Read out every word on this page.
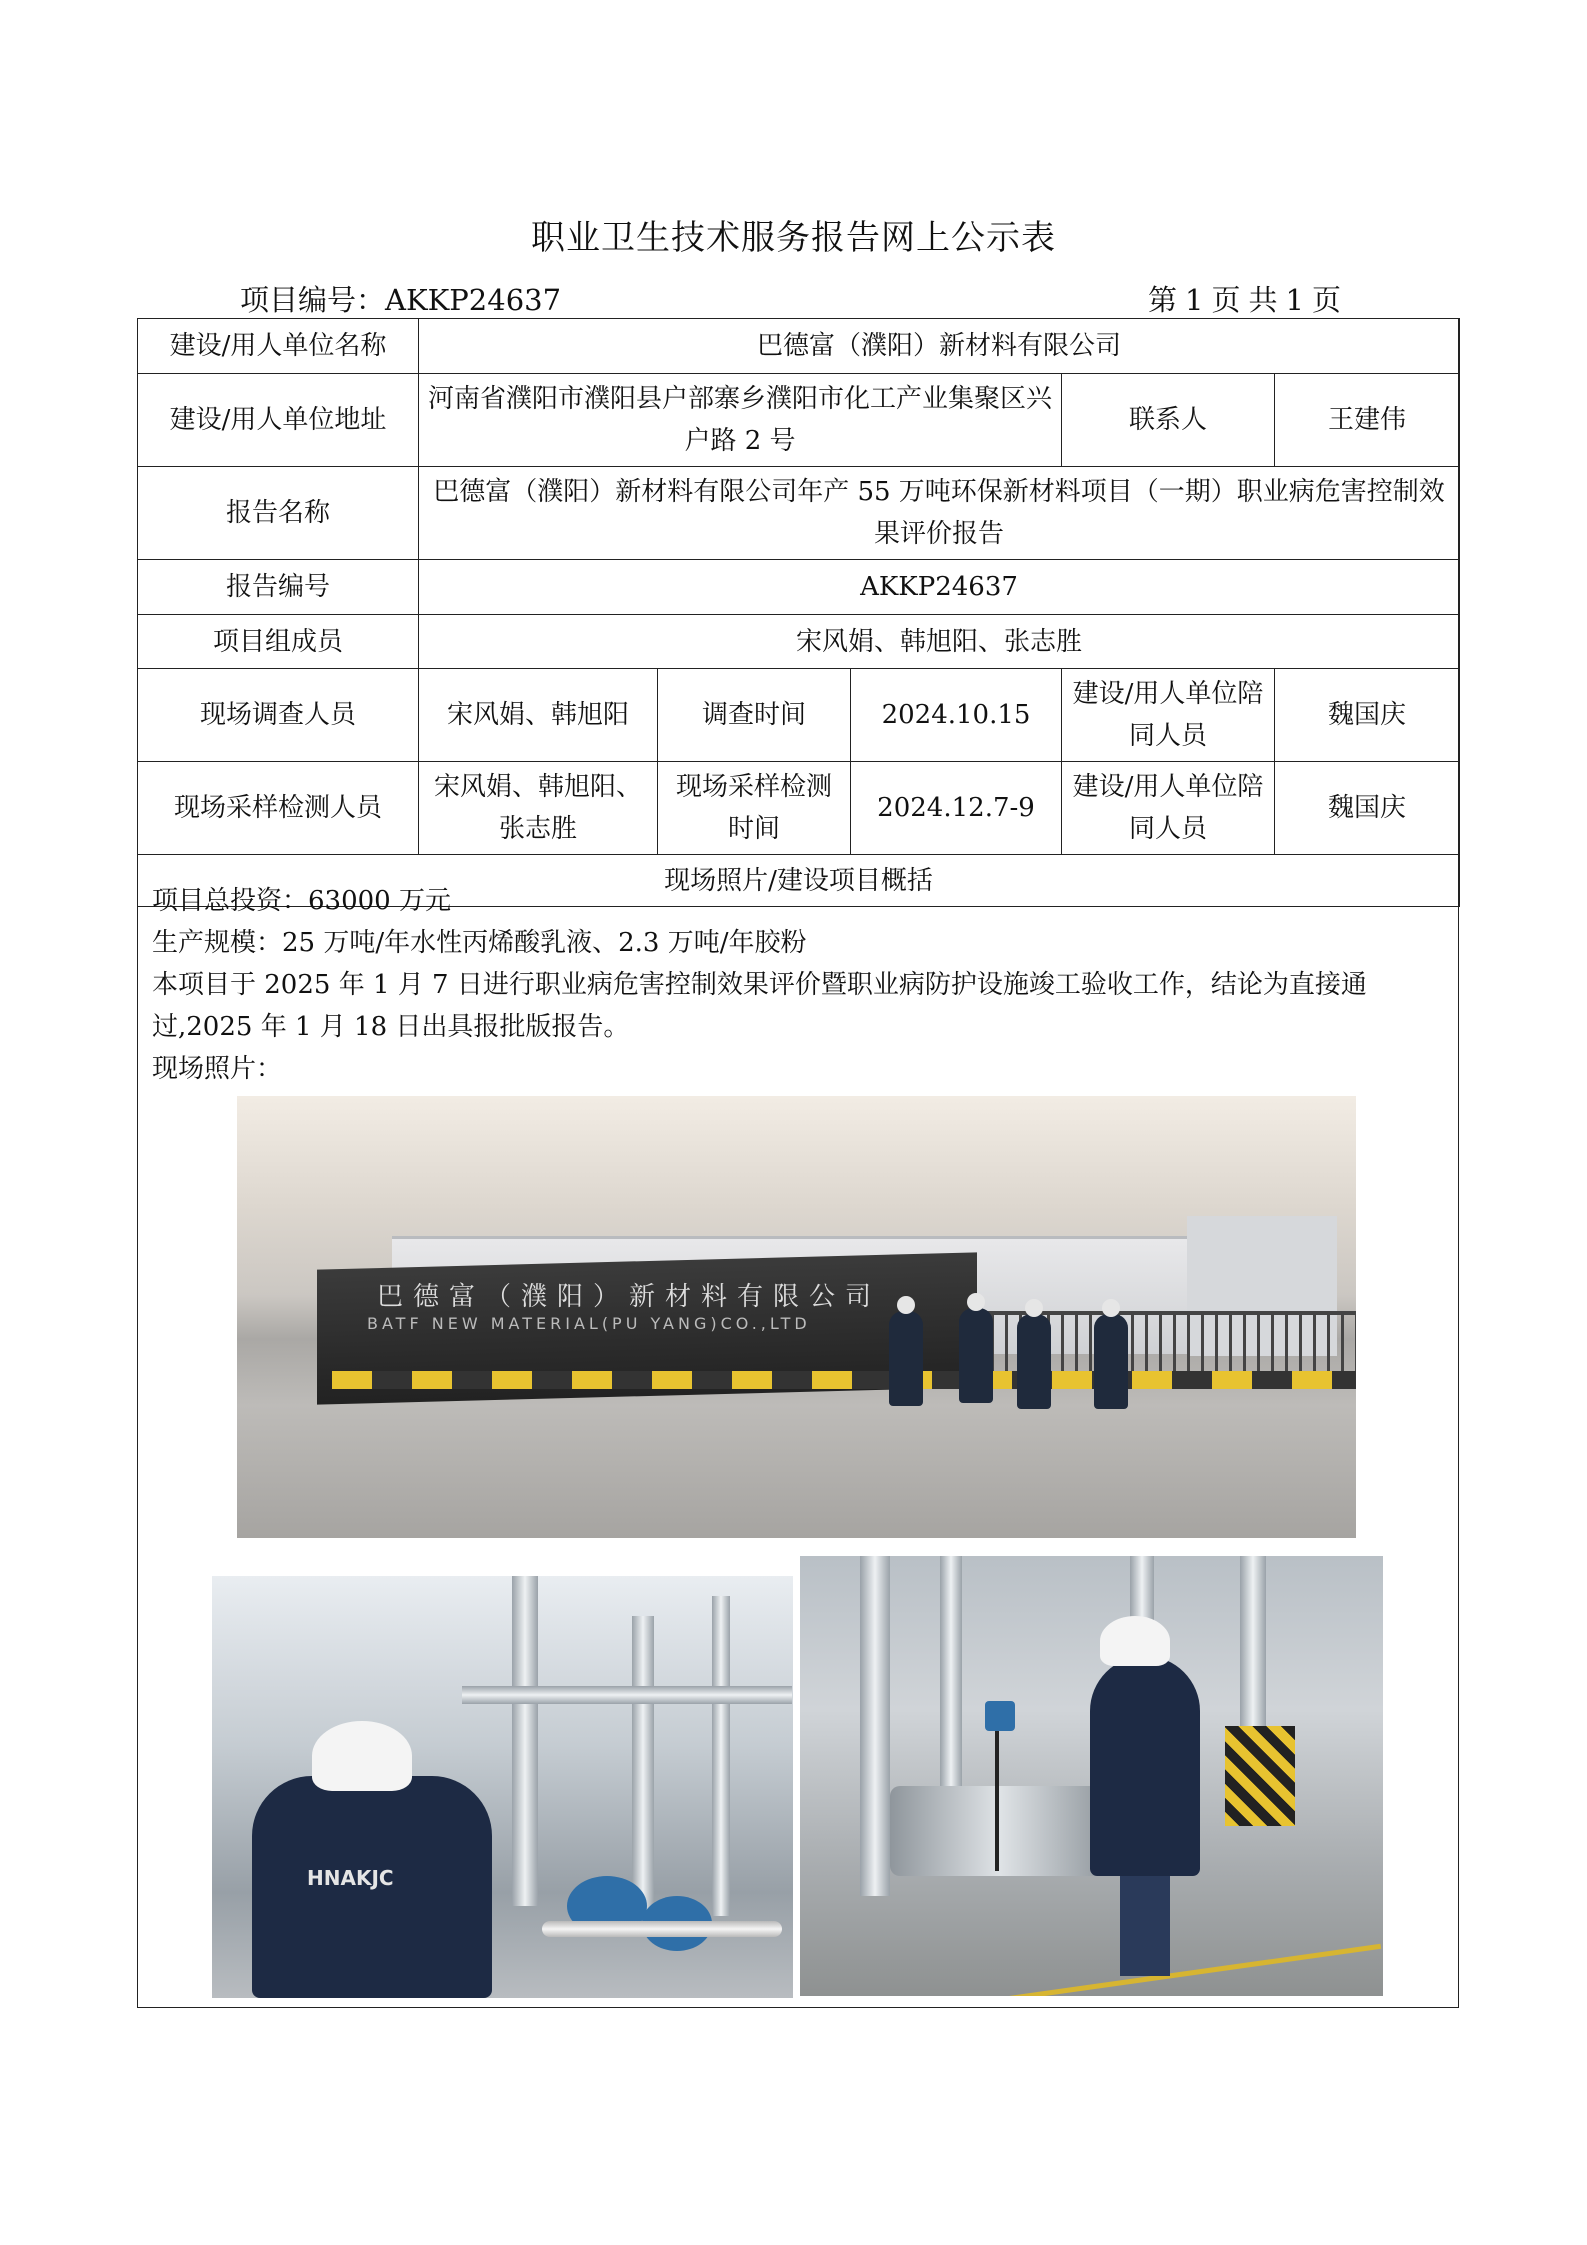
职业卫生技术服务报告网上公示表
项目编号：AKKP24637	第 1 页 共 1 页
建设/用人单位名称	巴德富（濮阳）新材料有限公司				
建设/用人单位地址	河南省濮阳市濮阳县户部寨乡濮阳市化工产业集聚区兴户路 2 号			联系人	王建伟
报告名称	巴德富（濮阳）新材料有限公司年产 55 万吨环保新材料项目（一期）职业病危害控制效果评价报告				
报告编号	AKKP24637				
项目组成员	宋风娟、韩旭阳、张志胜				
现场调查人员	宋风娟、韩旭阳	调查时间	2024.10.15	建设/用人单位陪同人员	魏国庆
现场采样检测人员	宋风娟、韩旭阳、张志胜	现场采样检测时间	2024.12.7-9	建设/用人单位陪同人员	魏国庆
现场照片/建设项目概括					

项目总投资：63000 万元

生产规模：25 万吨/年水性丙烯酸乳液、2.3 万吨/年胶粉

本项目于 2025 年 1 月 7 日进行职业病危害控制效果评价暨职业病防护设施竣工验收工作，结论为直接通过,2025 年 1 月 18 日出具报批版报告。

现场照片：

巴德富（濮阳）新材料有限公司
BATF NEW MATERIAL(PU YANG)CO.,LTD
HNAKJC
